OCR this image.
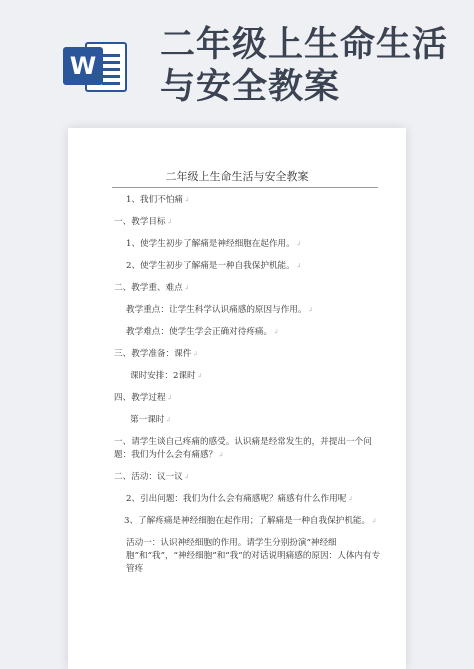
W
二年级上生命生活与安全教案
二年级上生命生活与安全教案

1、我们不怕痛↲

一、教学目标↲

1、使学生初步了解痛是神经细胞在起作用。↲

2、使学生初步了解痛是一种自我保护机能。↲

二、教学重、难点↲

教学重点：让学生科学认识痛感的原因与作用。↲

教学难点：使学生学会正确对待疼痛。↲

三、教学准备：课件↲

课时安排：2课时↲

四、教学过程↲

第一课时↲

一、请学生谈自己疼痛的感受。认识痛是经常发生的，并提出一个问题：我们为什么会有痛感？↲

二、活动：议一议↲

2、引出问题：我们为什么会有痛感呢？痛感有什么作用呢↲

3、了解疼痛是神经细胞在起作用；了解痛是一种自我保护机能。↲

活动一：认识神经细胞的作用。请学生分别扮演“神经细胞”和“我”，“神经细胞”和“我”的对话说明痛感的原因：人体内有专管疼
